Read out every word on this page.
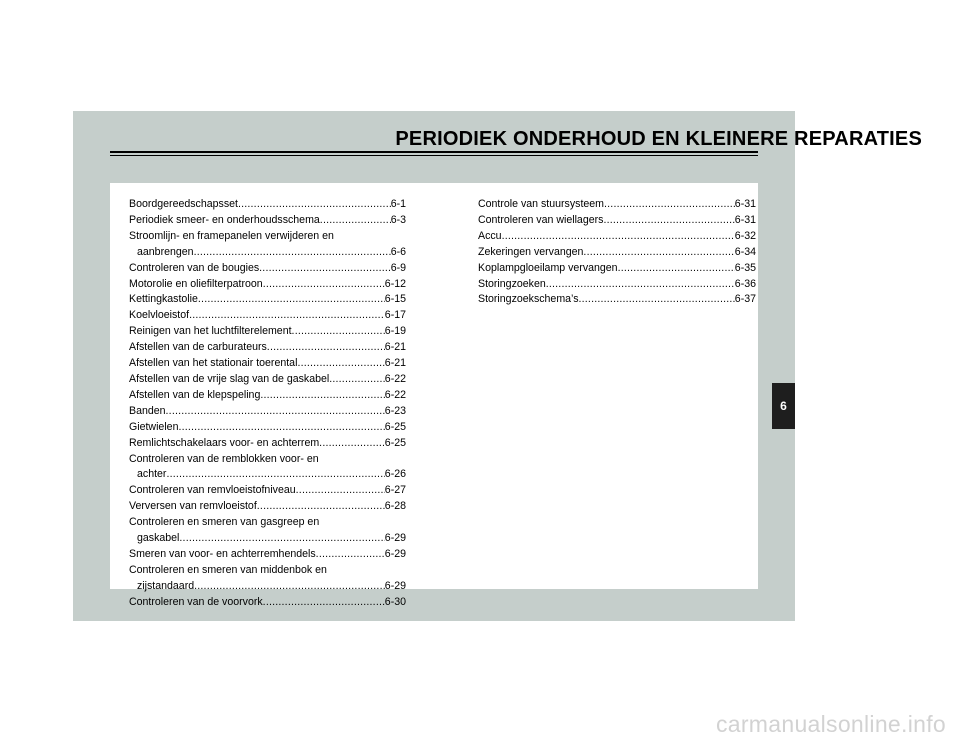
PERIODIEK ONDERHOUD EN KLEINERE REPARATIES
Boordgereedschapsset .....	6-1
Periodiek smeer- en onderhoudsschema .....	6-3
Stroomlijn- en framepanelen verwijderen en
aanbrengen .....	6-6
Controleren van de bougies .....	6-9
Motorolie en oliefilterpatroon .....	6-12
Kettingkastolie .....	6-15
Koelvloeistof .....	6-17
Reinigen van het luchtfilterelement .....	6-19
Afstellen van de carburateurs .....	6-21
Afstellen van het stationair toerental .....	6-21
Afstellen van de vrije slag van de gaskabel .....	6-22
Afstellen van de klepspeling .....	6-22
Banden .....	6-23
Gietwielen .....	6-25
Remlichtschakelaars voor- en achterrem .....	6-25
Controleren van de remblokken voor- en
achter .....	6-26
Controleren van remvloeistofniveau .....	6-27
Verversen van remvloeistof .....	6-28
Controleren en smeren van gasgreep en
gaskabel .....	6-29
Smeren van voor- en achterremhendels .....	6-29
Controleren en smeren van middenbok en
zijstandaard .....	6-29
Controleren van de voorvork .....	6-30
Controle van stuursysteem .....	6-31
Controleren van wiellagers .....	6-31
Accu .....	6-32
Zekeringen vervangen .....	6-34
Koplampgloeilamp vervangen .....	6-35
Storingzoeken .....	6-36
Storingzoekschema’s .....	6-37
6
carmanualsonline.info
